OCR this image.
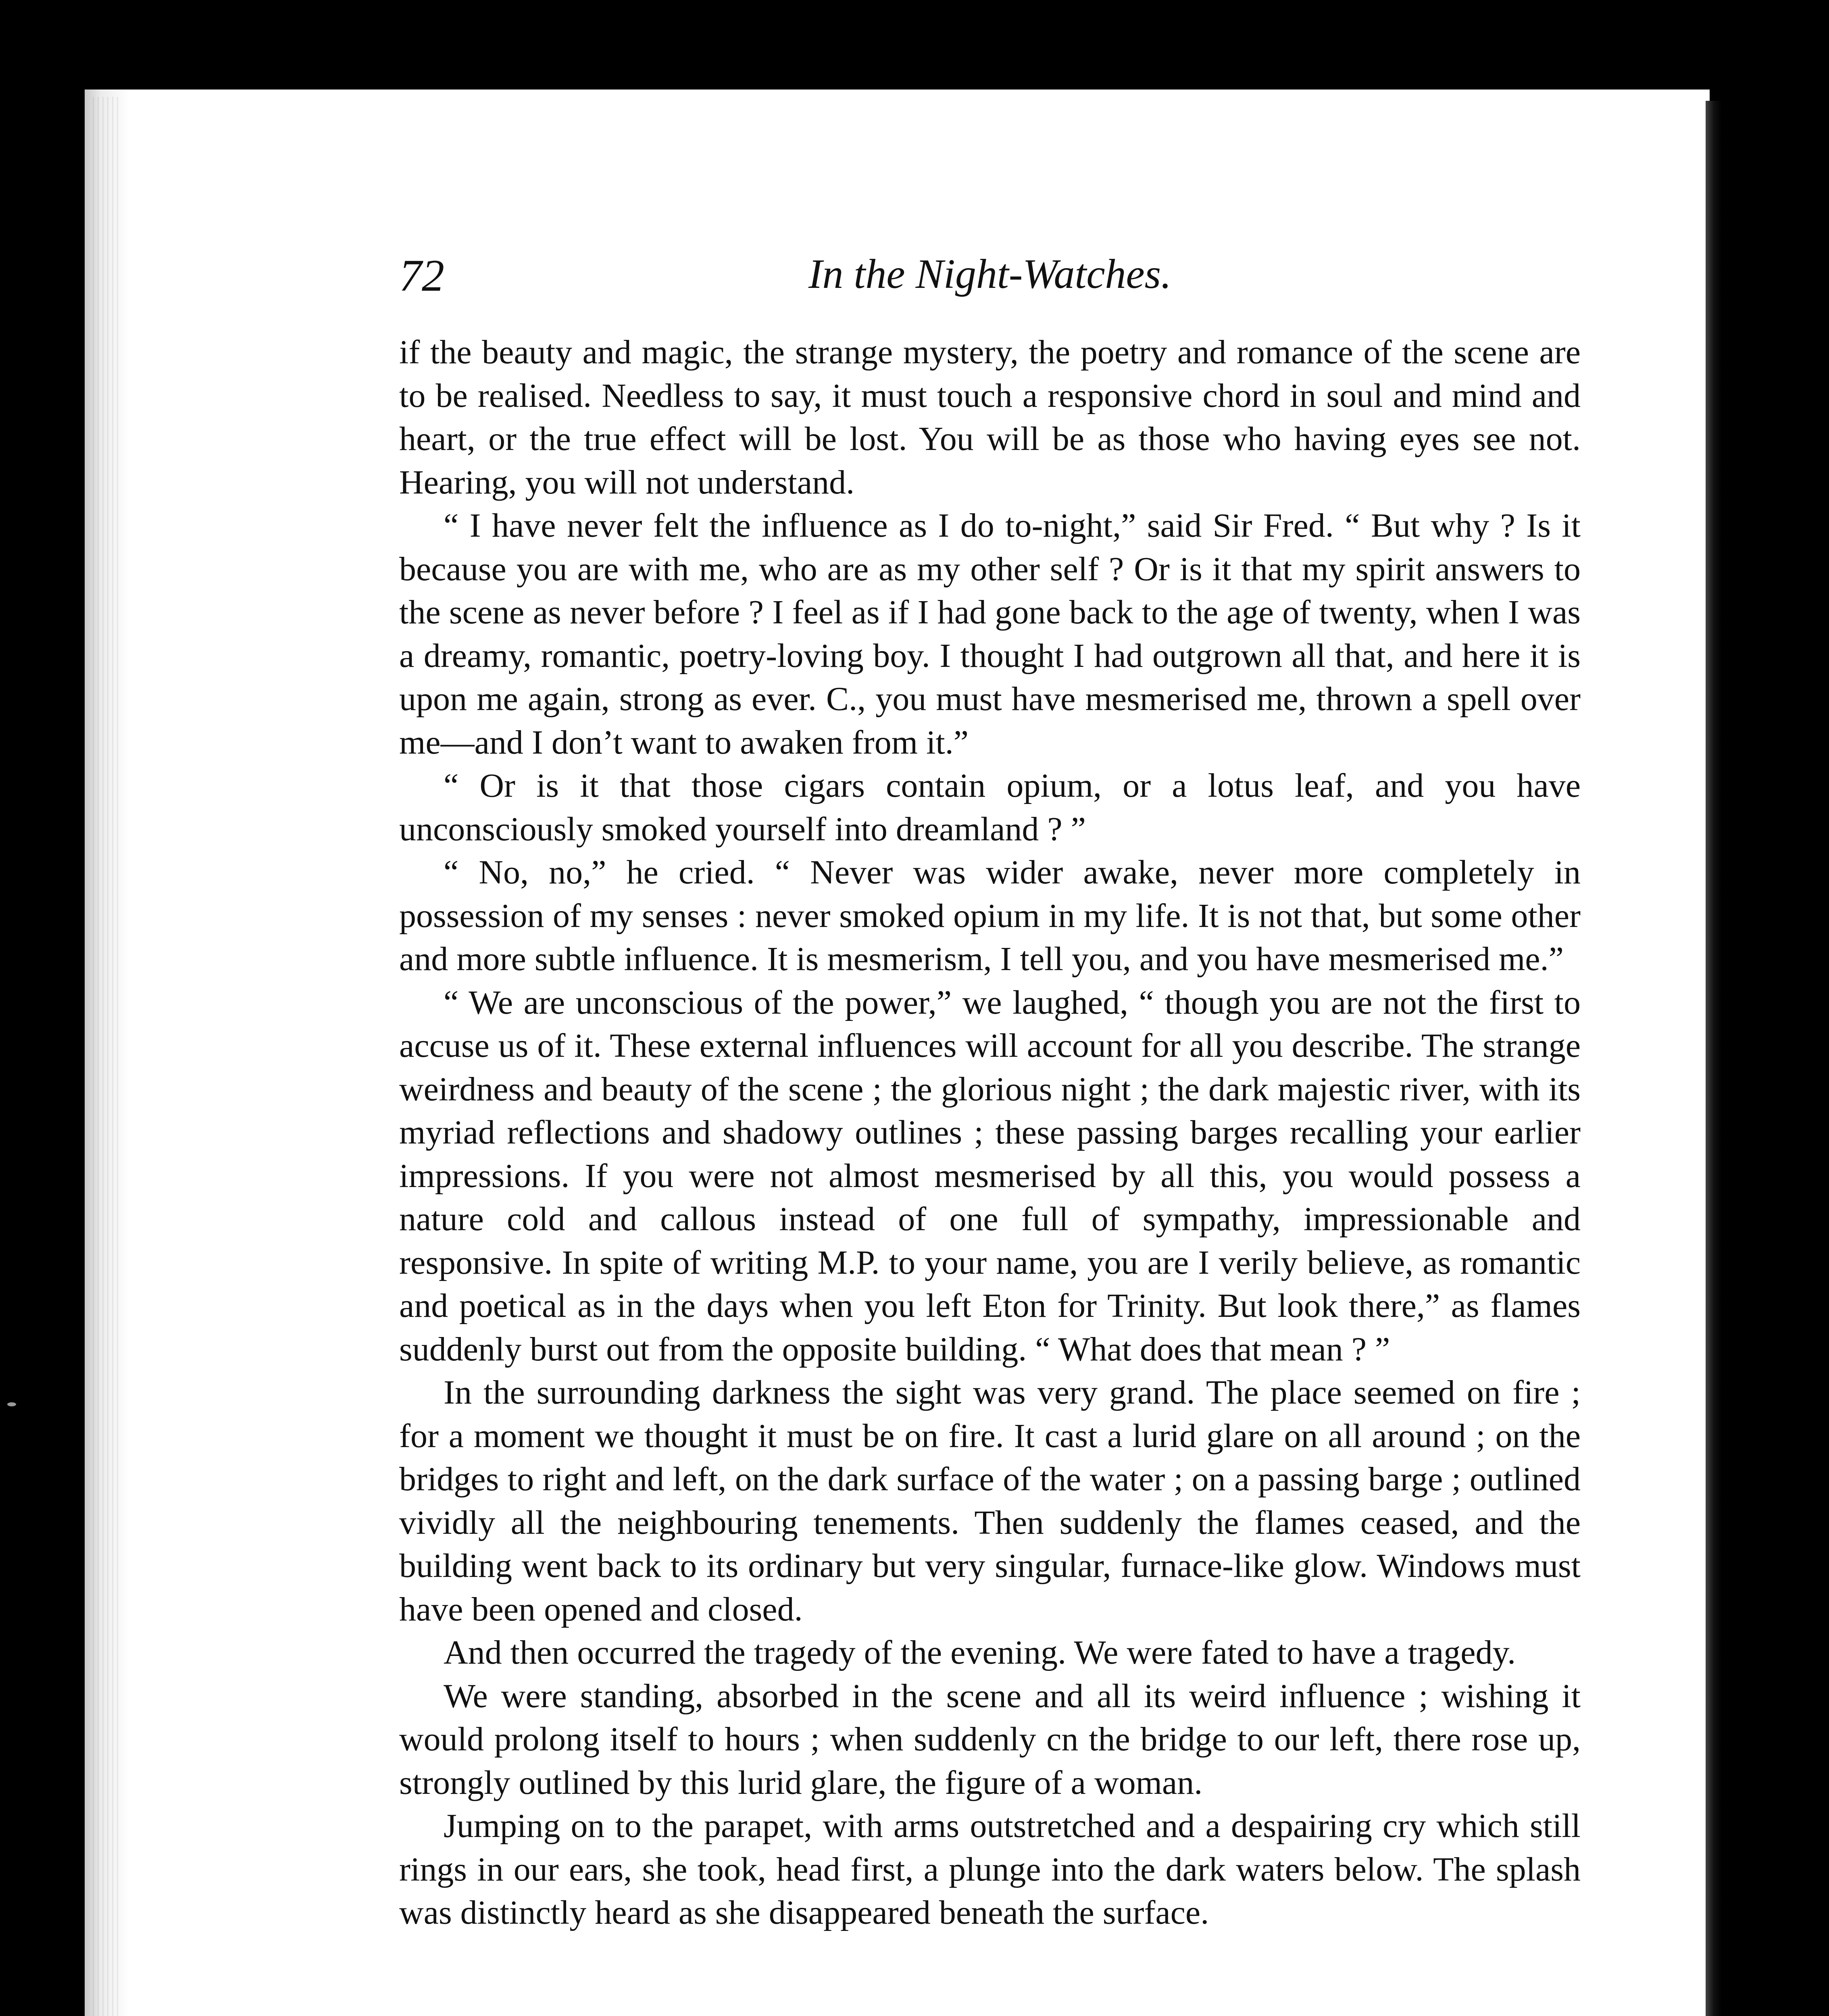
72	In the Night-Watches.

if the beauty and magic, the strange mystery, the poetry and romance of the scene are to be realised. Needless to say, it must touch a responsive chord in soul and mind and heart, or the true effect will be lost. You will be as those who having eyes see not. Hearing, you will not understand.

“ I have never felt the influence as I do to-night,” said Sir Fred. “ But why ? Is it because you are with me, who are as my other self ? Or is it that my spirit answers to the scene as never before ? I feel as if I had gone back to the age of twenty, when I was a dreamy, romantic, poetry-loving boy. I thought I had outgrown all that, and here it is upon me again, strong as ever. C., you must have mesmerised me, thrown a spell over me—and I don’t want to awaken from it.”

“ Or is it that those cigars contain opium, or a lotus leaf, and you have unconsciously smoked yourself into dreamland ? ”

“ No, no,” he cried. “ Never was wider awake, never more completely in possession of my senses : never smoked opium in my life. It is not that, but some other and more subtle influence. It is mesmerism, I tell you, and you have mesmerised me.”

“ We are unconscious of the power,” we laughed, “ though you are not the first to accuse us of it. These external influences will account for all you describe. The strange weirdness and beauty of the scene ; the glorious night ; the dark majestic river, with its myriad reflections and shadowy outlines ; these passing barges recalling your earlier impressions. If you were not almost mesmerised by all this, you would possess a nature cold and callous instead of one full of sympathy, impressionable and responsive. In spite of writing M.P. to your name, you are I verily believe, as romantic and poetical as in the days when you left Eton for Trinity. But look there,” as flames suddenly burst out from the opposite building. “ What does that mean ? ”

In the surrounding darkness the sight was very grand. The place seemed on fire ; for a moment we thought it must be on fire. It cast a lurid glare on all around ; on the bridges to right and left, on the dark surface of the water ; on a passing barge ; outlined vividly all the neighbouring tenements. Then suddenly the flames ceased, and the building went back to its ordinary but very singular, furnace-like glow. Windows must have been opened and closed.

And then occurred the tragedy of the evening. We were fated to have a tragedy.

We were standing, absorbed in the scene and all its weird influence ; wishing it would prolong itself to hours ; when suddenly cn the bridge to our left, there rose up, strongly outlined by this lurid glare, the figure of a woman.

Jumping on to the parapet, with arms outstretched and a despairing cry which still rings in our ears, she took, head first, a plunge into the dark waters below. The splash was distinctly heard as she disappeared beneath the surface.
